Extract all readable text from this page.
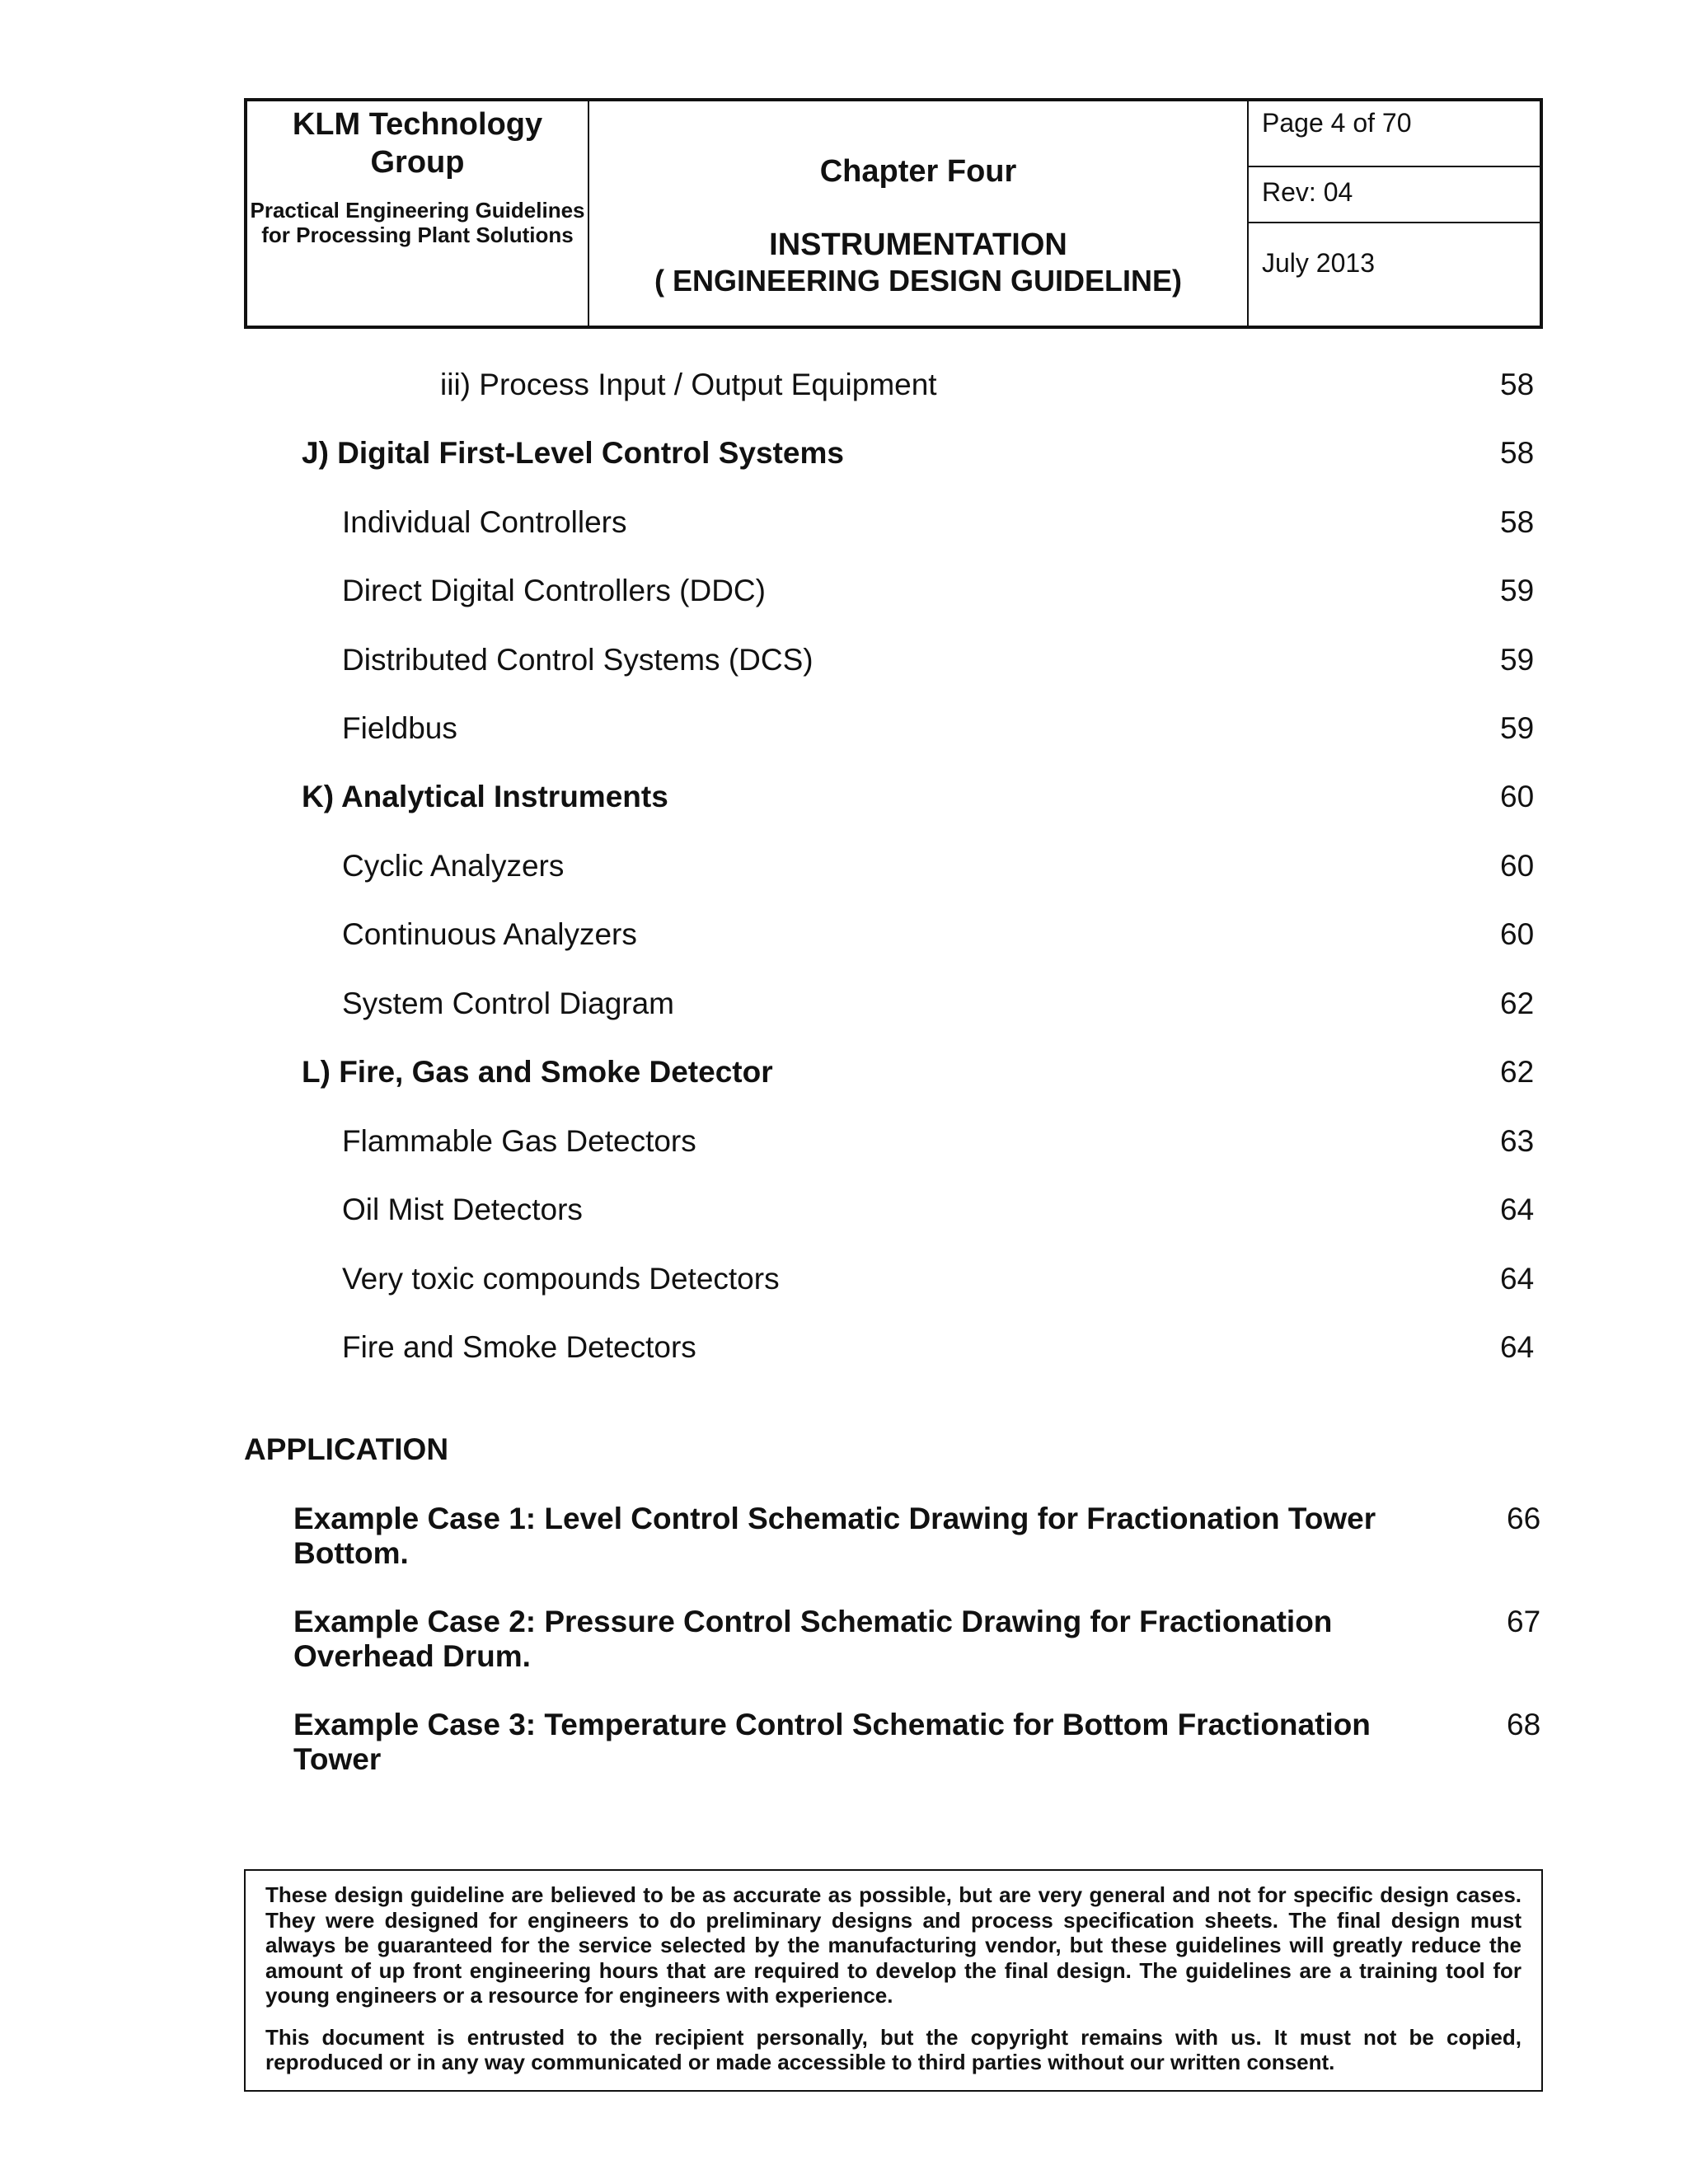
KLM Technology Group
Practical Engineering Guidelines for Processing Plant Solutions
Chapter Four
INSTRUMENTATION
( ENGINEERING DESIGN GUIDELINE)
Page 4 of 70
Rev: 04
July 2013
iii) Process Input / Output Equipment	58
J) Digital First-Level Control Systems	58
Individual Controllers	58
Direct Digital Controllers (DDC)	59
Distributed Control Systems (DCS)	59
Fieldbus	59
K) Analytical Instruments	60
Cyclic Analyzers	60
Continuous Analyzers	60
System Control Diagram	62
L) Fire, Gas and Smoke Detector	62
Flammable Gas Detectors	63
Oil Mist Detectors	64
Very toxic compounds Detectors	64
Fire and Smoke Detectors	64
APPLICATION
Example Case 1: Level Control Schematic Drawing for Fractionation Tower Bottom.
66
Example Case 2: Pressure Control Schematic Drawing for Fractionation Overhead Drum.
67
Example Case 3: Temperature Control Schematic for Bottom Fractionation Tower
68

These design guideline are believed to be as accurate as possible, but are very general and not for specific design cases. They were designed for engineers to do preliminary designs and process specification sheets. The final design must always be guaranteed for the service selected by the manufacturing vendor, but these guidelines will greatly reduce the amount of up front engineering hours that are required to develop the final design. The guidelines are a training tool for young engineers or a resource for engineers with experience.

This document is entrusted to the recipient personally, but the copyright remains with us. It must not be copied, reproduced or in any way communicated or made accessible to third parties without our written consent.
